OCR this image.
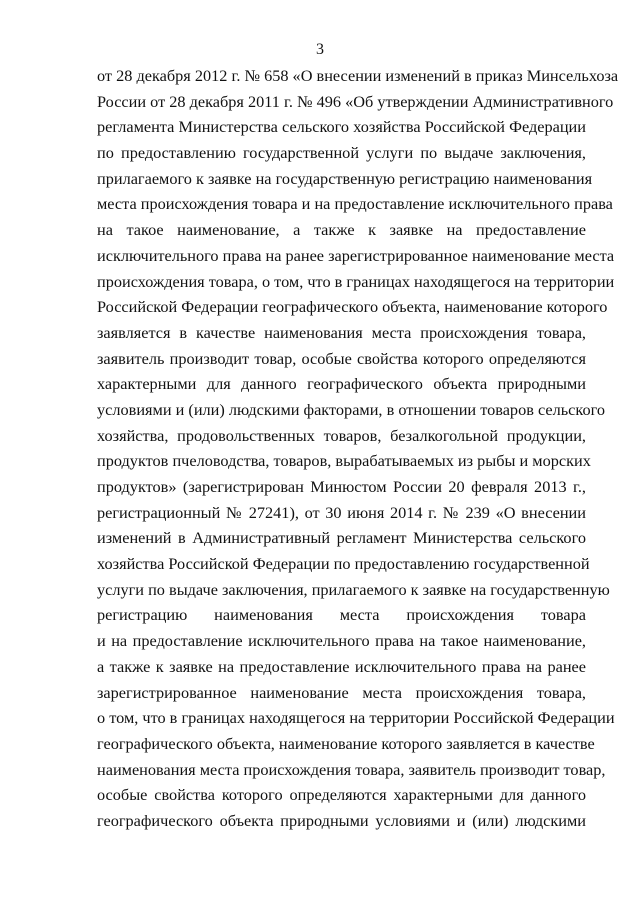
3
от 28 декабря 2012 г. № 658 «О внесении изменений в приказ Минсельхоза
России от 28 декабря 2011 г. № 496 «Об утверждении Административного
регламента Министерства сельского хозяйства Российской Федерации
по предоставлению государственной услуги по выдаче заключения,
прилагаемого к заявке на государственную регистрацию наименования
места происхождения товара и на предоставление исключительного права
на такое наименование, а также к заявке на предоставление
исключительного права на ранее зарегистрированное наименование места
происхождения товара, о том, что в границах находящегося на территории
Российской Федерации географического объекта, наименование которого
заявляется в качестве наименования места происхождения товара,
заявитель производит товар, особые свойства которого определяются
характерными для данного географического объекта природными
условиями и (или) людскими факторами, в отношении товаров сельского
хозяйства, продовольственных товаров, безалкогольной продукции,
продуктов пчеловодства, товаров, вырабатываемых из рыбы и морских
продуктов» (зарегистрирован Минюстом России 20 февраля 2013 г.,
регистрационный № 27241), от 30 июня 2014 г. № 239 «О внесении
изменений в Административный регламент Министерства сельского
хозяйства Российской Федерации по предоставлению государственной
услуги по выдаче заключения, прилагаемого к заявке на государственную
регистрацию наименования места происхождения товара
и на предоставление исключительного права на такое наименование,
а также к заявке на предоставление исключительного права на ранее
зарегистрированное наименование места происхождения товара,
о том, что в границах находящегося на территории Российской Федерации
географического объекта, наименование которого заявляется в качестве
наименования места происхождения товара, заявитель производит товар,
особые свойства которого определяются характерными для данного
географического объекта природными условиями и (или) людскими
